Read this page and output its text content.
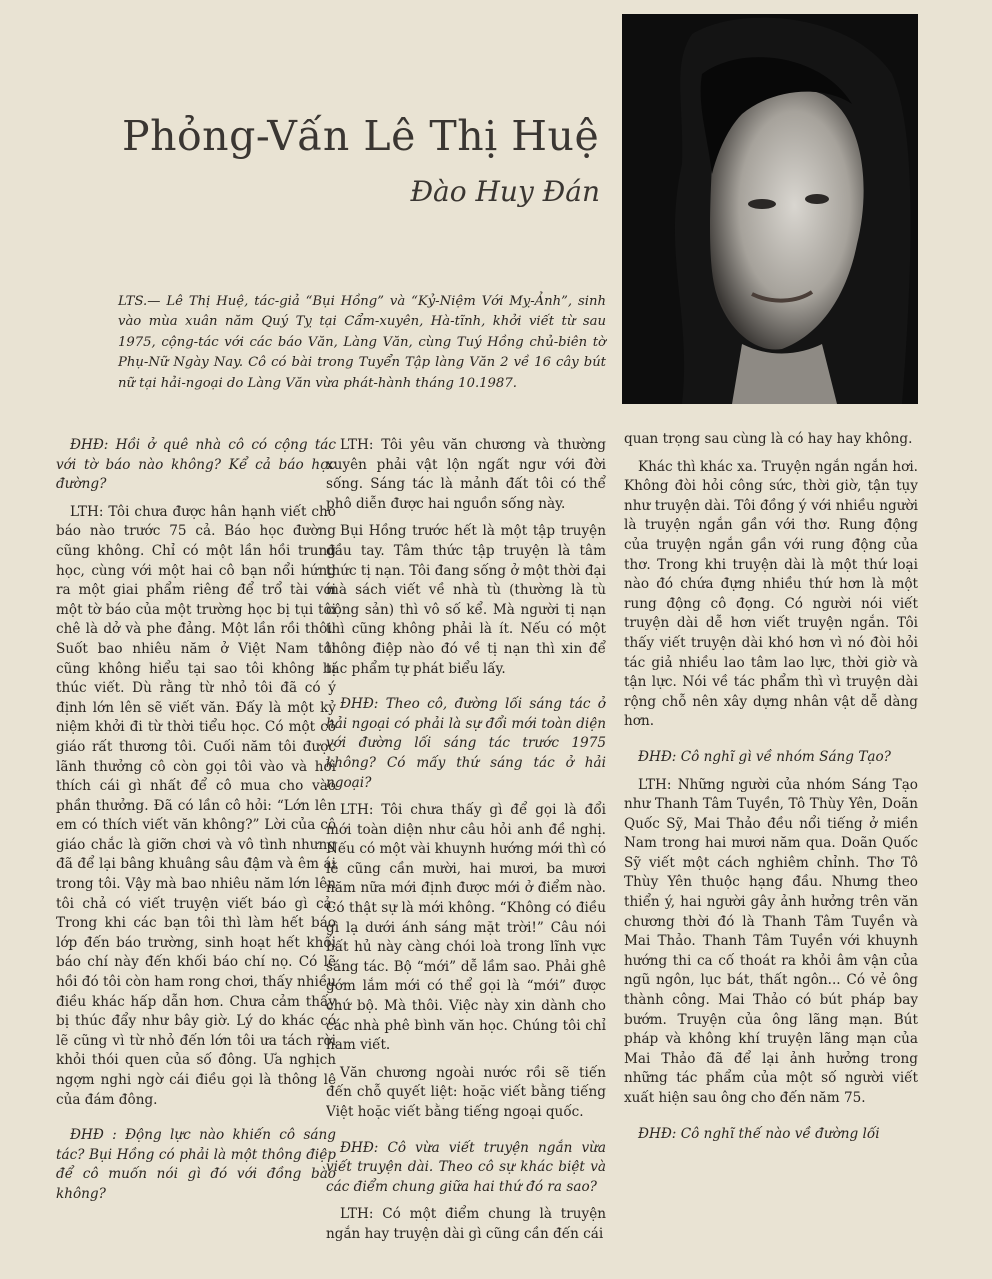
Phỏng-Vấn Lê Thị Huệ
Đào Huy Đán

LTS.— Lê Thị Huệ, tác-giả “Bụi Hồng” và “Kỷ-Niệm Với Mỵ-Ảnh”, sinh vào mùa xuân năm Quý Tỵ tại Cẩm-xuyên, Hà-tĩnh, khởi viết từ sau 1975, cộng-tác với các báo Văn, Làng Văn, cùng Tuý Hồng chủ-biên tờ Phụ-Nữ Ngày Nay. Cô có bài trong Tuyển Tập làng Văn 2 về 16 cây bút nữ tại hải-ngoại do Làng Văn vừa phát-hành tháng 10.1987.

ĐHĐ: Hồi ở quê nhà cô có cộng tác với tờ báo nào không? Kể cả báo học đường?

LTH: Tôi chưa được hân hạnh viết cho báo nào trước 75 cả. Báo học đường cũng không. Chỉ có một lần hồi trung học, cùng với một hai cô bạn nổi hứng ra một giai phẩm riêng để trổ tài với một tờ báo của một trường học bị tụi tôi chê là dở và phe đảng. Một lần rồi thôi. Suốt bao nhiêu năm ở Việt Nam tôi cũng không hiểu tại sao tôi không bị thúc viết. Dù rằng từ nhỏ tôi đã có ý định lớn lên sẽ viết văn. Đấy là một kỷ niệm khởi đi từ thời tiểu học. Có một cô giáo rất thương tôi. Cuối năm tôi được lãnh thưởng cô còn gọi tôi vào và hỏi thích cái gì nhất để cô mua cho vào phần thưởng. Đã có lần cô hỏi: “Lớn lên em có thích viết văn không?” Lời của cô giáo chắc là giỡn chơi và vô tình nhưng đã để lại bâng khuâng sâu đậm và êm ái trong tôi. Vậy mà bao nhiêu năm lớn lên tôi chả có viết truyện viết báo gì cả. Trong khi các bạn tôi thì làm hết báo lớp đến báo trường, sinh hoạt hết khối báo chí này đến khối báo chí nọ. Có lẽ hồi đó tôi còn ham rong chơi, thấy nhiều điều khác hấp dẫn hơn. Chưa cảm thấy bị thúc đẩy như bây giờ. Lý do khác có lẽ cũng vì từ nhỏ đến lớn tôi ưa tách rời khỏi thói quen của số đông. Ưa nghịch ngợm nghi ngờ cái điều gọi là thông lệ của đám đông.

ĐHĐ : Động lực nào khiến cô sáng tác? Bụi Hồng có phải là một thông điệp để cô muốn nói gì đó với đồng bào không?

LTH: Tôi yêu văn chương và thường xuyên phải vật lộn ngất ngư với đời sống. Sáng tác là mảnh đất tôi có thể phô diễn được hai nguồn sống này.

Bụi Hồng trước hết là một tập truyện đầu tay. Tâm thức tập truyện là tâm thức tị nạn. Tôi đang sống ở một thời đại mà sách viết về nhà tù (thường là tù cộng sản) thì vô số kể. Mà người tị nạn thì cũng không phải là ít. Nếu có một thông điệp nào đó về tị nạn thì xin để tác phẩm tự phát biểu lấy.

ĐHĐ: Theo cô, đường lối sáng tác ở hải ngoại có phải là sự đổi mới toàn diện với đường lối sáng tác trước 1975 không? Có mấy thứ sáng tác ở hải ngoại?

LTH: Tôi chưa thấy gì để gọi là đổi mới toàn diện như câu hỏi anh đề nghị. Nếu có một vài khuynh hướng mới thì có lẽ cũng cần mười, hai mươi, ba mươi năm nữa mới định được mới ở điểm nào. Có thật sự là mới không. “Không có điều gì lạ dưới ánh sáng mặt trời!” Câu nói bất hủ này càng chói loà trong lĩnh vực sáng tác. Bộ “mới” dễ lầm sao. Phải ghê gớm lắm mới có thể gọi là “mới” được chứ bộ. Mà thôi. Việc này xin dành cho các nhà phê bình văn học. Chúng tôi chỉ ham viết.

Văn chương ngoài nước rồi sẽ tiến đến chỗ quyết liệt: hoặc viết bằng tiếng Việt hoặc viết bằng tiếng ngoại quốc.

ĐHĐ: Cô vừa viết truyện ngắn vừa viết truyện dài. Theo cô sự khác biệt và các điểm chung giữa hai thứ đó ra sao?

LTH: Có một điểm chung là truyện ngắn hay truyện dài gì cũng cần đến cái

quan trọng sau cùng là có hay hay không.

Khác thì khác xa. Truyện ngắn ngắn hơi. Không đòi hỏi công sức, thời giờ, tận tụy như truyện dài. Tôi đồng ý với nhiều người là truyện ngắn gần với thơ. Rung động của truyện ngắn gần với rung động của thơ. Trong khi truyện dài là một thứ loại nào đó chứa đựng nhiều thứ hơn là một rung động cô đọng. Có người nói viết truyện dài dễ hơn viết truyện ngắn. Tôi thấy viết truyện dài khó hơn vì nó đòi hỏi tác giả nhiều lao tâm lao lực, thời giờ và tận lực. Nói về tác phẩm thì vì truyện dài rộng chỗ nên xây dựng nhân vật dễ dàng hơn.

ĐHĐ: Cô nghĩ gì về nhóm Sáng Tạo?

LTH: Những người của nhóm Sáng Tạo như Thanh Tâm Tuyền, Tô Thùy Yên, Doãn Quốc Sỹ, Mai Thảo đều nổi tiếng ở miền Nam trong hai mươi năm qua. Doãn Quốc Sỹ viết một cách nghiêm chỉnh. Thơ Tô Thùy Yên thuộc hạng đầu. Nhưng theo thiển ý, hai người gây ảnh hưởng trên văn chương thời đó là Thanh Tâm Tuyền và Mai Thảo. Thanh Tâm Tuyền với khuynh hướng thi ca cố thoát ra khỏi âm vận của ngũ ngôn, lục bát, thất ngôn... Có vẻ ông thành công. Mai Thảo có bút pháp bay bướm. Truyện của ông lãng mạn. Bút pháp và không khí truyện lãng mạn của Mai Thảo đã để lại ảnh hưởng trong những tác phẩm của một số người viết xuất hiện sau ông cho đến năm 75.

ĐHĐ: Cô nghĩ thế nào về đường lối
